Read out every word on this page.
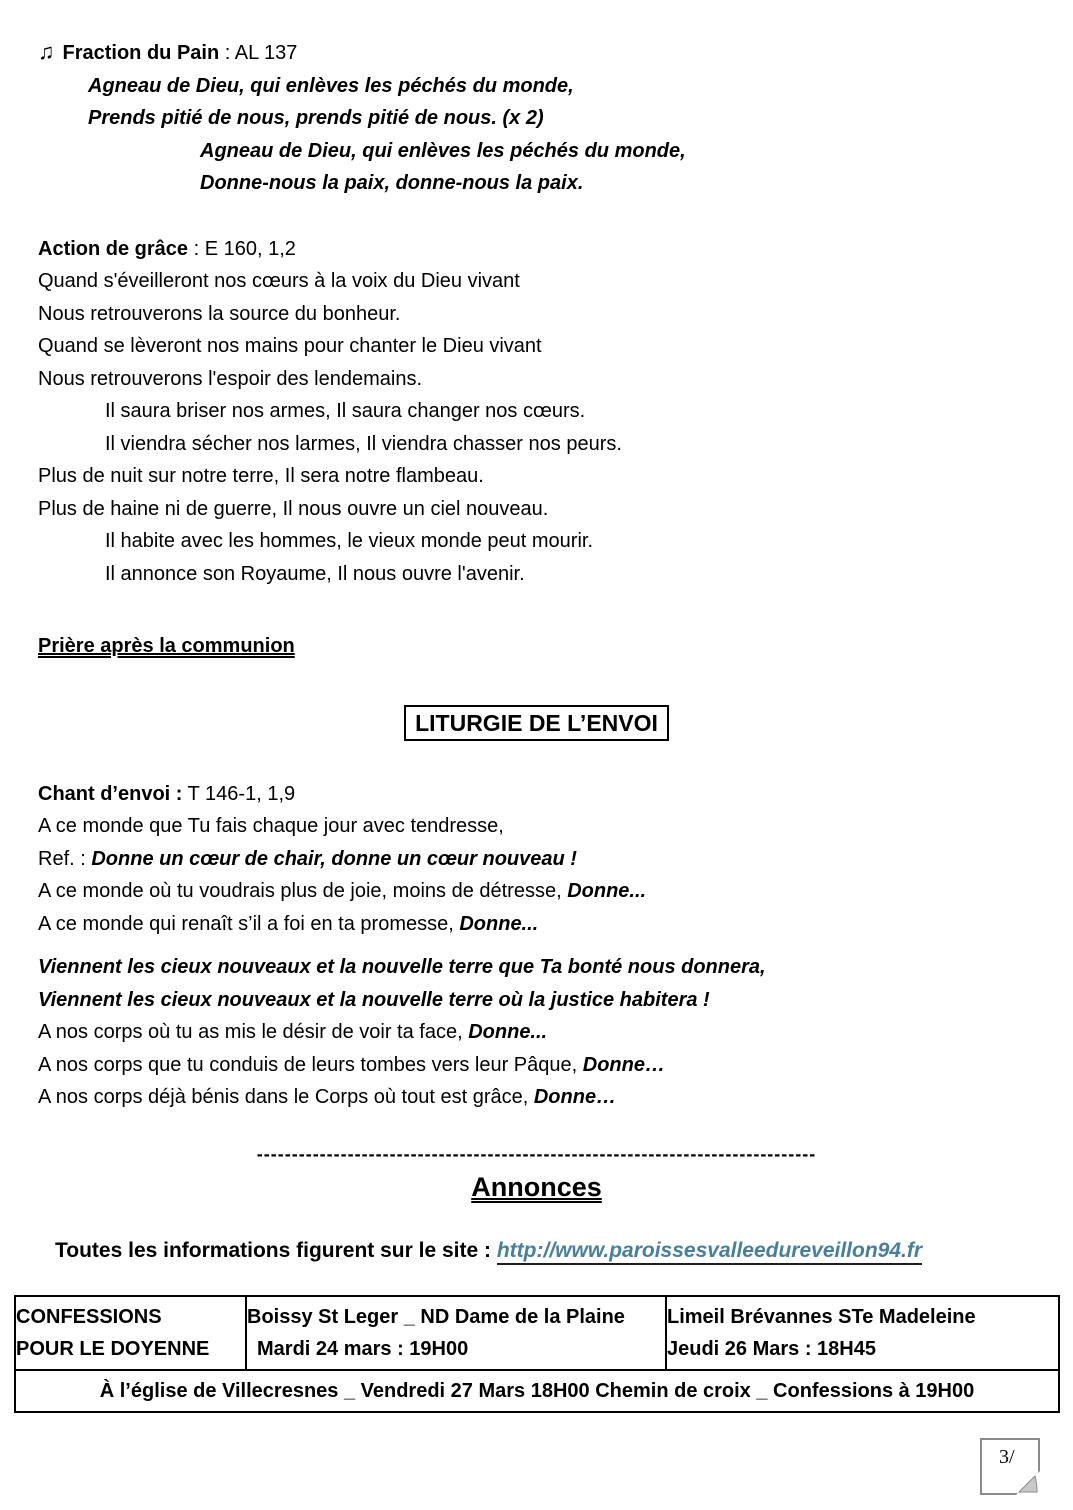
♫ Fraction du Pain : AL 137
Agneau de Dieu, qui enlèves les péchés du monde,
Prends pitié de nous, prends pitié de nous. (x 2)
Agneau de Dieu, qui enlèves les péchés du monde,
Donne-nous la paix, donne-nous la paix.
Action de grâce : E 160, 1,2
Quand s'éveilleront nos cœurs à la voix du Dieu vivant
Nous retrouverons la source du bonheur.
Quand se lèveront nos mains pour chanter le Dieu vivant
Nous retrouverons l'espoir des lendemains.
Il saura briser nos armes, Il saura changer nos cœurs.
Il viendra sécher nos larmes, Il viendra chasser nos peurs.
Plus de nuit sur notre terre, Il sera notre flambeau.
Plus de haine ni de guerre, Il nous ouvre un ciel nouveau.
Il habite avec les hommes, le vieux monde peut mourir.
Il annonce son Royaume, Il nous ouvre l'avenir.
Prière après la communion
LITURGIE DE L’ENVOI
Chant d’envoi : T 146-1, 1,9
A ce monde que Tu fais chaque jour avec tendresse,
Ref. : Donne un cœur de chair, donne un cœur nouveau !
A ce monde où tu voudrais plus de joie, moins de détresse, Donne...
A ce monde qui renaît s’il a foi en ta promesse, Donne...
Viennent les cieux nouveaux et la nouvelle terre que Ta bonté nous donnera,
Viennent les cieux nouveaux et la nouvelle terre où la justice habitera !
A nos corps où tu as mis le désir de voir ta face, Donne...
A nos corps que tu conduis de leurs tombes vers leur Pâque, Donne…
A nos corps déjà bénis dans le Corps où tout est grâce, Donne…
--------------------------------------------------------------------------------
Annonces
Toutes les informations figurent sur le site : http://www.paroissesvalleedureveillon94.fr
CONFESSIONS
POUR LE DOYENNE

Boissy St Leger _ ND Dame de la Plaine
Mardi 24 mars : 19H00

Limeil Brévannes STe Madeleine
Jeudi 26 Mars : 18H45

À l’église de Villecresnes _ Vendredi 27 Mars 18H00 Chemin de croix _ Confessions à 19H00
3/
